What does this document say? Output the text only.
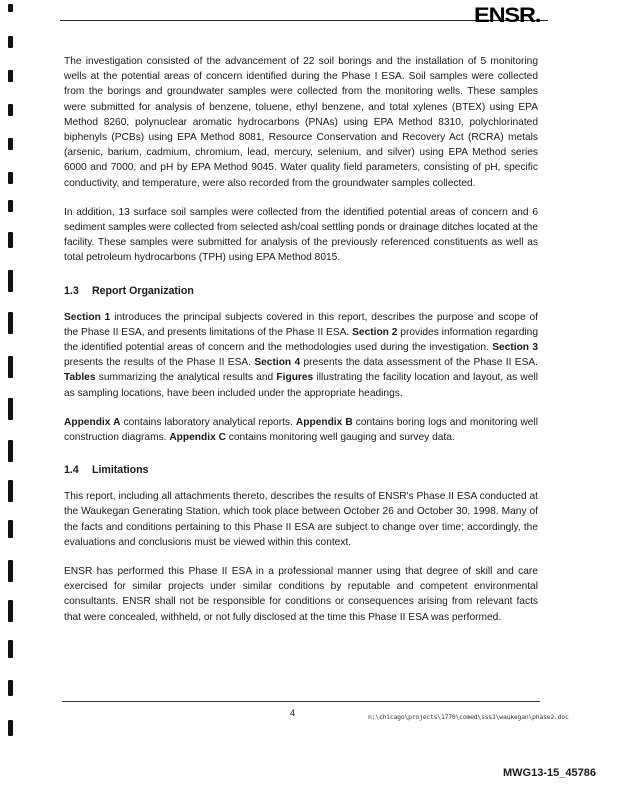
ENSR.

The investigation consisted of the advancement of 22 soil borings and the installation of 5 monitoring wells at the potential areas of concern identified during the Phase I ESA. Soil samples were collected from the borings and groundwater samples were collected from the monitoring wells. These samples were submitted for analysis of benzene, toluene, ethyl benzene, and total xylenes (BTEX) using EPA Method 8260, polynuclear aromatic hydrocarbons (PNAs) using EPA Method 8310, polychlorinated biphenyls (PCBs) using EPA Method 8081, Resource Conservation and Recovery Act (RCRA) metals (arsenic, barium, cadmium, chromium, lead, mercury, selenium, and silver) using EPA Method series 6000 and 7000, and pH by EPA Method 9045. Water quality field parameters, consisting of pH, specific conductivity, and temperature, were also recorded from the groundwater samples collected.

In addition, 13 surface soil samples were collected from the identified potential areas of concern and 6 sediment samples were collected from selected ash/coal settling ponds or drainage ditches located at the facility. These samples were submitted for analysis of the previously referenced constituents as well as total petroleum hydrocarbons (TPH) using EPA Method 8015.

1.3 Report Organization

Section 1 introduces the principal subjects covered in this report, describes the purpose and scope of the Phase II ESA, and presents limitations of the Phase II ESA. Section 2 provides information regarding the identified potential areas of concern and the methodologies used during the investigation. Section 3 presents the results of the Phase II ESA. Section 4 presents the data assessment of the Phase II ESA. Tables summarizing the analytical results and Figures illustrating the facility location and layout, as well as sampling locations, have been included under the appropriate headings.

Appendix A contains laboratory analytical reports. Appendix B contains boring logs and monitoring well construction diagrams. Appendix C contains monitoring well gauging and survey data.

1.4 Limitations

This report, including all attachments thereto, describes the results of ENSR's Phase II ESA conducted at the Waukegan Generating Station, which took place between October 26 and October 30, 1998. Many of the facts and conditions pertaining to this Phase II ESA are subject to change over time; accordingly, the evaluations and conclusions must be viewed within this context.

ENSR has performed this Phase II ESA in a professional manner using that degree of skill and care exercised for similar projects under similar conditions by reputable and competent environmental consultants. ENSR shall not be responsible for conditions or consequences arising from relevant facts that were concealed, withheld, or not fully disclosed at the time this Phase II ESA was performed.

4	n:\chicago\projects\1770\comed\sss1\waukegan\phase2.doc
MWG13-15_45786
